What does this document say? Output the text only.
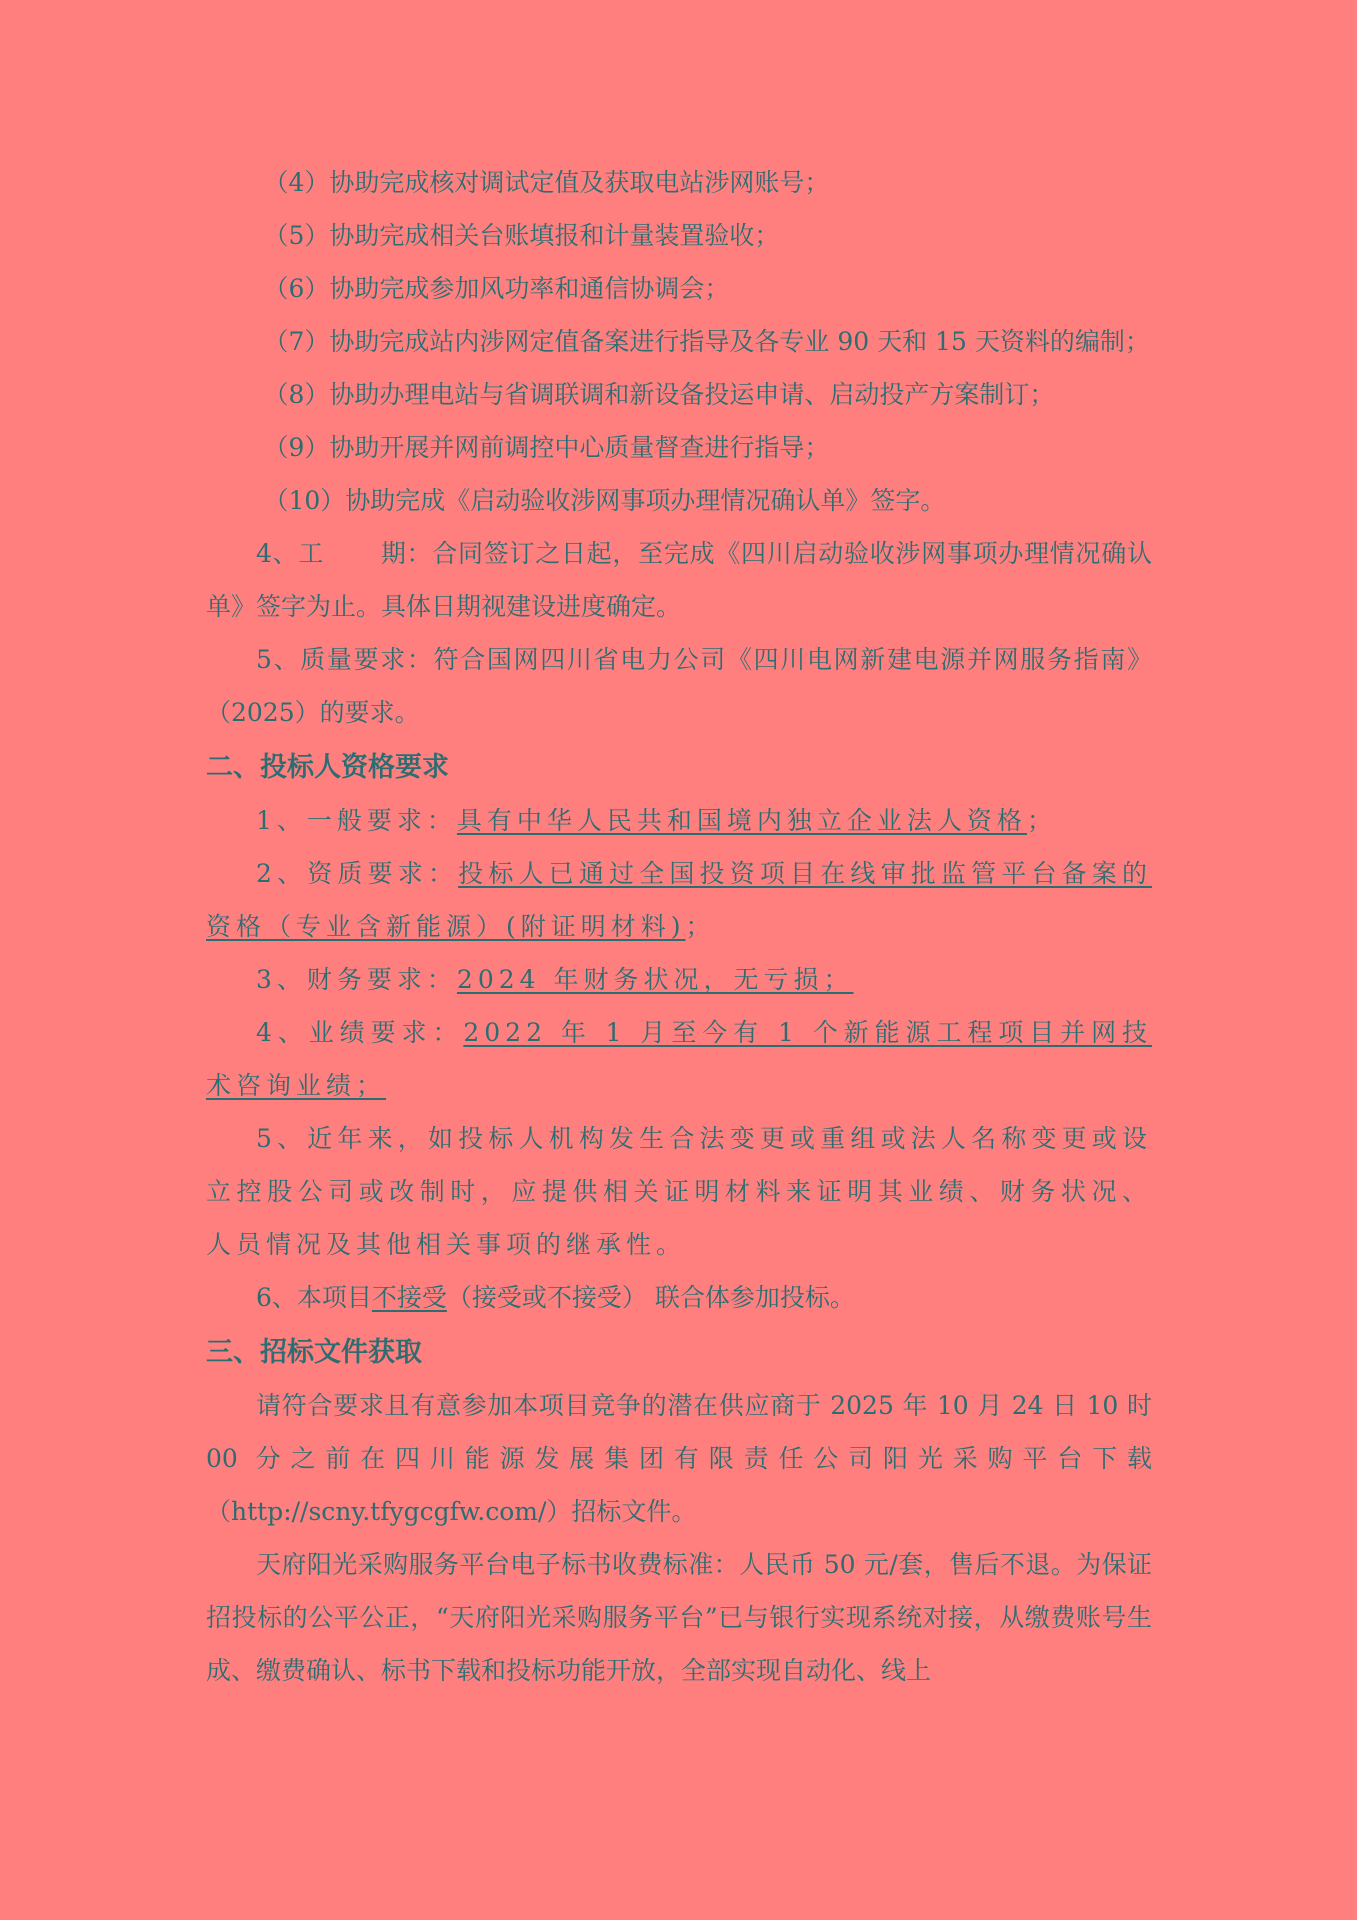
（4）协助完成核对调试定值及获取电站涉网账号；

（5）协助完成相关台账填报和计量装置验收；

（6）协助完成参加风功率和通信协调会；

（7）协助完成站内涉网定值备案进行指导及各专业 90 天和 15 天资料的编制；

（8）协助办理电站与省调联调和新设备投运申请、启动投产方案制订；

（9）协助开展并网前调控中心质量督查进行指导；

（10）协助完成《启动验收涉网事项办理情况确认单》签字。

4、工 期：合同签订之日起，至完成《四川启动验收涉网事项办理情况确认单》签字为止。具体日期视建设进度确定。

5、质量要求：符合国网四川省电力公司《四川电网新建电源并网服务指南》（2025）的要求。

二、投标人资格要求

1、一般要求：具有中华人民共和国境内独立企业法人资格；

2、资质要求：投标人已通过全国投资项目在线审批监管平台备案的资格（专业含新能源）(附证明材料)；

3、财务要求：2024 年财务状况，无亏损；

4、业绩要求：2022 年 1 月至今有 1 个新能源工程项目并网技术咨询业绩；

5、近年来，如投标人机构发生合法变更或重组或法人名称变更或设立控股公司或改制时，应提供相关证明材料来证明其业绩、财务状况、人员情况及其他相关事项的继承性。

6、本项目不接受（接受或不接受） 联合体参加投标。

三、招标文件获取

请符合要求且有意参加本项目竞争的潜在供应商于 2025 年 10 月 24 日 10 时 00 分之前在四川能源发展集团有限责任公司阳光采购平台下载（http://scny.tfygcgfw.com/）招标文件。

天府阳光采购服务平台电子标书收费标准：人民币 50 元/套，售后不退。为保证招投标的公平公正，“天府阳光采购服务平台”已与银行实现系统对接，从缴费账号生成、缴费确认、标书下载和投标功能开放，全部实现自动化、线上
